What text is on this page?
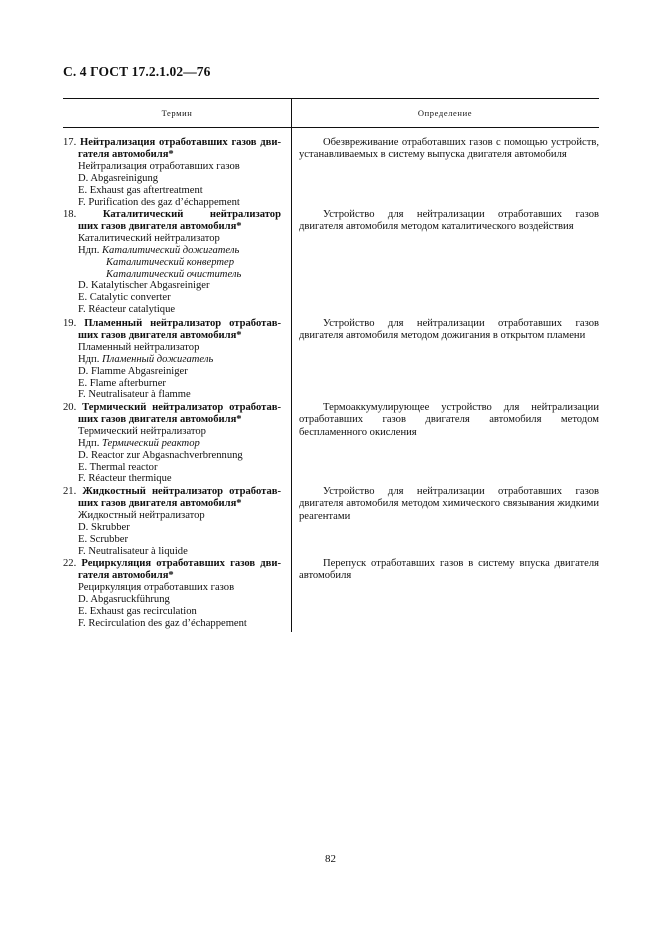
С. 4 ГОСТ 17.2.1.02—76
Термин	Определение
17. Нейтрализация отработавших газов дви-
гателя автомобиля*
Нейтрализация отработавших газов
D. Abgasreinigung
E. Exhaust gas aftertreatment
F. Purification des gaz d’échappement
Обезвреживание отработавших газов с помощью устройств, устанавливаемых в систему выпуска двигателя автомобиля
18.	Каталитический нейтрализатор
ших газов двигателя автомобиля*
Каталитический нейтрализатор
Ндп. Каталитический дожигатель
Каталитический конвертер
Каталитический очиститель
D. Katalytischer Abgasreiniger
E. Catalytic converter
F. Réacteur catalytique
Устройство для нейтрализации отработавших газов двигателя автомобиля методом каталитического воздействия
19. Пламенный нейтрализатор отработав-
ших газов двигателя автомобиля*
Пламенный нейтрализатор
Ндп. Пламенный дожигатель
D. Flamme Abgasreiniger
E. Flame afterburner
F. Neutralisateur à flamme
Устройство для нейтрализации отработавших газов двигателя автомобиля методом дожигания в открытом пламени
20. Термический нейтрализатор отработав-
ших газов двигателя автомобиля*
Термический нейтрализатор
Ндп. Термический реактор
D. Reactor zur Abgasnachverbrennung
E. Thermal reactor
F. Réacteur thermique
Термоаккумулирующее устройство для нейтрализации отработавших газов двигателя автомобиля методом беспламенного окисления
21. Жидкостный нейтрализатор отработав-
ших газов двигателя автомобиля*
Жидкостный нейтрализатор
D. Skrubber
E. Scrubber
F. Neutralisateur à liquide
Устройство для нейтрализации отработавших газов двигателя автомобиля методом химического связывания жидкими реагентами
22. Рециркуляция отработавших газов дви-
гателя автомобиля*
Рециркуляция отработавших газов
D. Abgasruckführung
E. Exhaust gas recirculation
F. Recirculation des gaz d’échappement
Перепуск отработавших газов в систему впуска двигателя автомобиля
82
